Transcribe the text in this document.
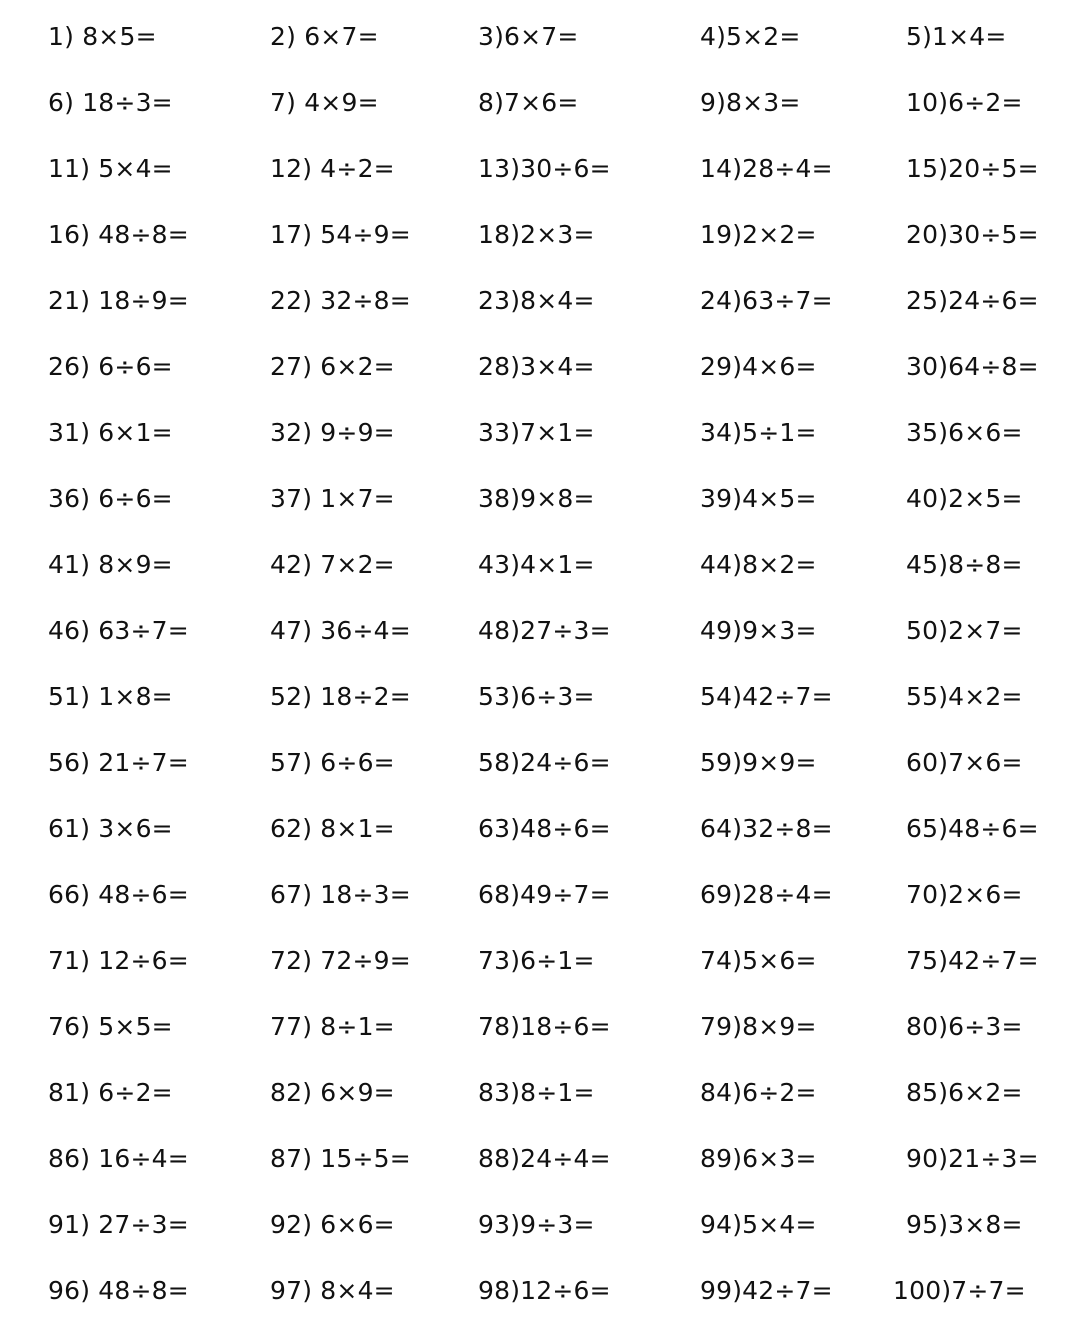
1) 8×5=	2) 6×7=	3)6×7=	4)5×2=	5)1×4=
6) 18÷3=	7) 4×9=	8)7×6=	9)8×3=	10)6÷2=
11) 5×4=	12) 4÷2=	13)30÷6=	14)28÷4=	15)20÷5=
16) 48÷8=	17) 54÷9=	18)2×3=	19)2×2=	20)30÷5=
21) 18÷9=	22) 32÷8=	23)8×4=	24)63÷7=	25)24÷6=
26) 6÷6=	27) 6×2=	28)3×4=	29)4×6=	30)64÷8=
31) 6×1=	32) 9÷9=	33)7×1=	34)5÷1=	35)6×6=
36) 6÷6=	37) 1×7=	38)9×8=	39)4×5=	40)2×5=
41) 8×9=	42) 7×2=	43)4×1=	44)8×2=	45)8÷8=
46) 63÷7=	47) 36÷4=	48)27÷3=	49)9×3=	50)2×7=
51) 1×8=	52) 18÷2=	53)6÷3=	54)42÷7=	55)4×2=
56) 21÷7=	57) 6÷6=	58)24÷6=	59)9×9=	60)7×6=
61) 3×6=	62) 8×1=	63)48÷6=	64)32÷8=	65)48÷6=
66) 48÷6=	67) 18÷3=	68)49÷7=	69)28÷4=	70)2×6=
71) 12÷6=	72) 72÷9=	73)6÷1=	74)5×6=	75)42÷7=
76) 5×5=	77) 8÷1=	78)18÷6=	79)8×9=	80)6÷3=
81) 6÷2=	82) 6×9=	83)8÷1=	84)6÷2=	85)6×2=
86) 16÷4=	87) 15÷5=	88)24÷4=	89)6×3=	90)21÷3=
91) 27÷3=	92) 6×6=	93)9÷3=	94)5×4=	95)3×8=
96) 48÷8=	97) 8×4=	98)12÷6=	99)42÷7= 100)7÷7=
